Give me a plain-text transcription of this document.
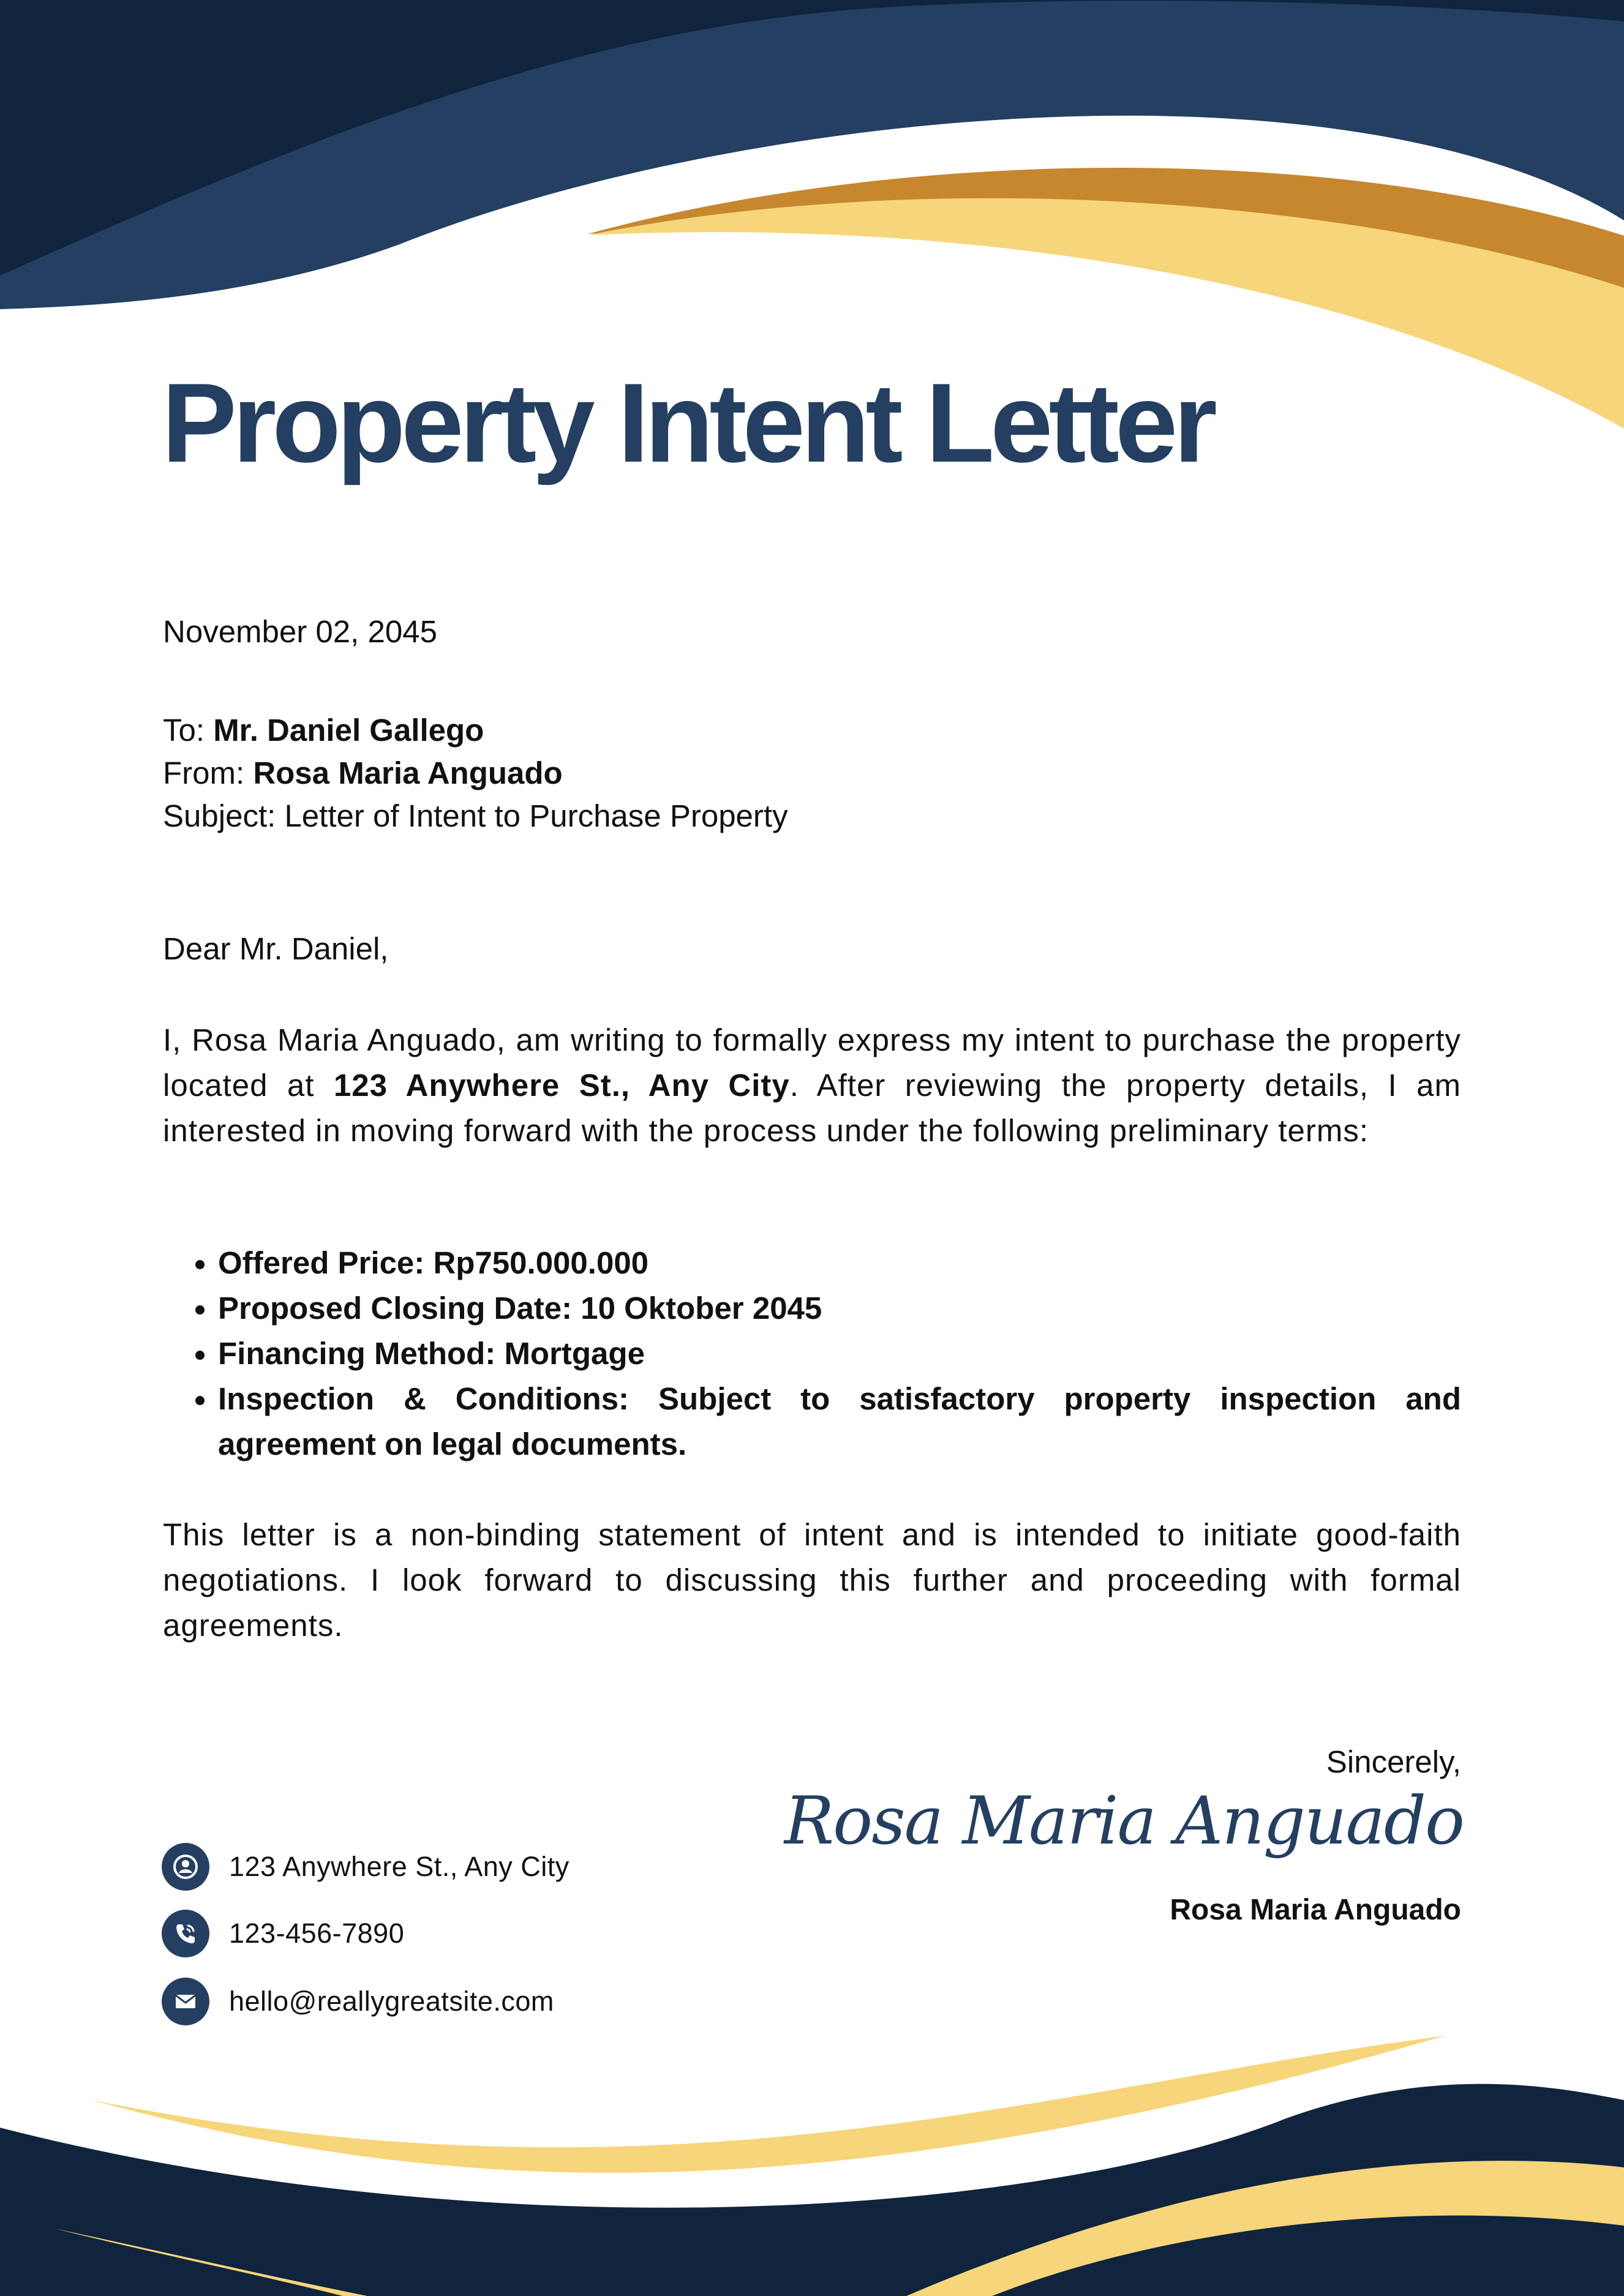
Property Intent Letter
November 02, 2045
To: Mr. Daniel Gallego
From: Rosa Maria Anguado
Subject: Letter of Intent to Purchase Property
Dear Mr. Daniel,

I, Rosa Maria Anguado, am writing to formally express my intent to purchase the property located at 123 Anywhere St., Any City. After reviewing the property details, I am interested in moving forward with the process under the following preliminary terms:

• Offered Price: Rp750.000.000
• Proposed Closing Date: 10 Oktober 2045
• Financing Method: Mortgage
• Inspection & Conditions: Subject to satisfactory property inspection and agreement on legal documents.

This letter is a non-binding statement of intent and is intended to initiate good-faith negotiations. I look forward to discussing this further and proceeding with formal agreements.

Sincerely,
Rosa Maria Anguado
Rosa Maria Anguado
123 Anywhere St., Any City
123-456-7890
hello@reallygreatsite.com
